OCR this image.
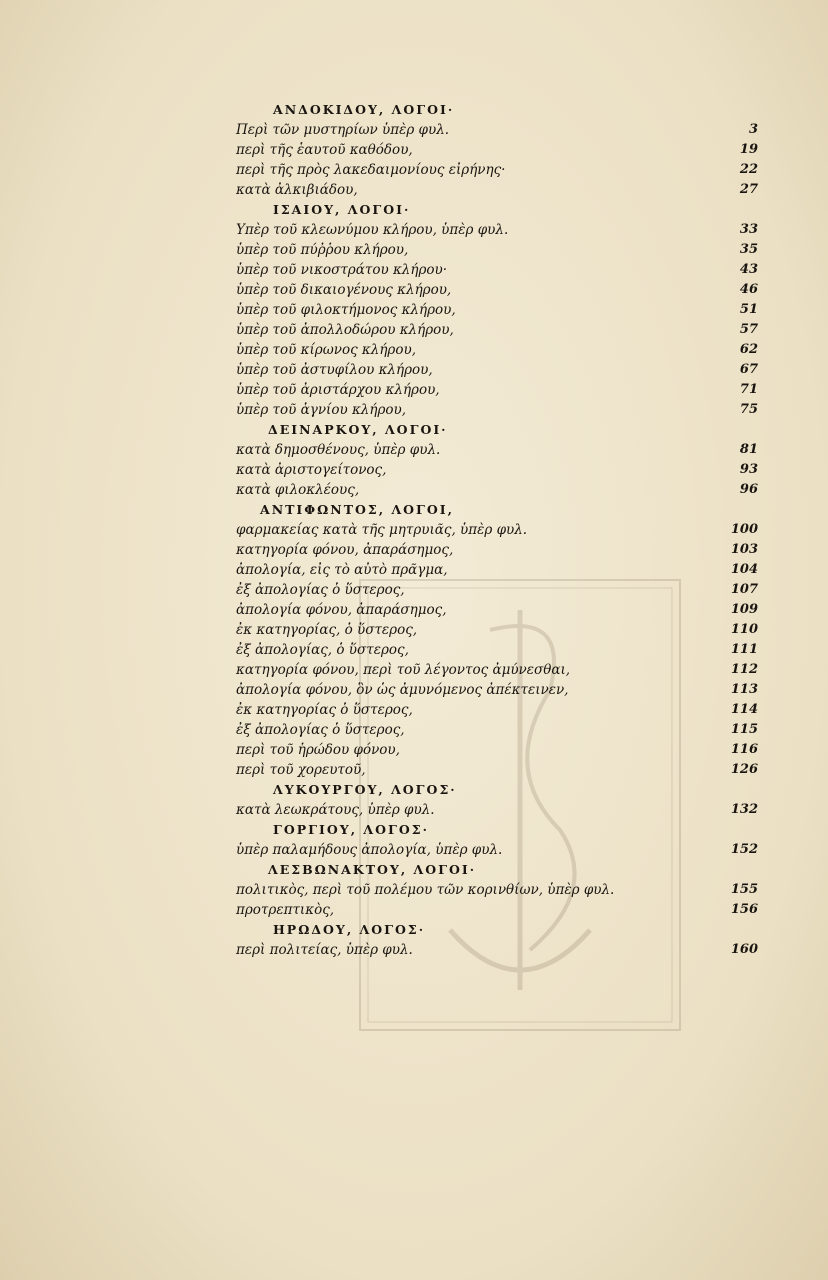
ΑΝΔΟΚΙΔΟΥ, ΛΟΓΟΙ·
Περὶ τῶν μυστηρίων ὑπὲρ φυλ.	3
περὶ τῆς ἑαυτοῦ καθόδου,	19
περὶ τῆς πρὸς λακεδαιμονίους εἰρήνης·	22
κατὰ ἀλκιβιάδου,	27
ΙΣΑΙΟΥ, ΛΟΓΟΙ·
Υπὲρ τοῦ κλεωνύμου κλήρου, ὑπὲρ φυλ.	33
ὑπὲρ τοῦ πύῤῥου κλήρου,	35
ὑπὲρ τοῦ νικοστράτου κλήρου·	43
ὑπὲρ τοῦ δικαιογένους κλήρου,	46
ὑπὲρ τοῦ φιλοκτήμονος κλήρου,	51
ὑπὲρ τοῦ ἀπολλοδώρου κλήρου,	57
ὑπὲρ τοῦ κίρωνος κλήρου,	62
ὑπὲρ τοῦ ἀστυφίλου κλήρου,	67
ὑπὲρ τοῦ ἀριστάρχου κλήρου,	71
ὑπὲρ τοῦ ἁγνίου κλήρου,	75
ΔΕΙΝΑΡΚΟΥ, ΛΟΓΟΙ·
κατὰ δημοσθένους, ὑπὲρ φυλ.	81
κατὰ ἀριστογείτονος,	93
κατὰ φιλοκλέους,	96
ΑΝΤΙΦΩΝΤΟΣ, ΛΟΓΟΙ,
φαρμακείας κατὰ τῆς μητρυιᾶς, ὑπὲρ φυλ.	100
κατηγορία φόνου, ἀπαράσημος,	103
ἀπολογία, εἰς τὸ αὐτὸ πρᾶγμα,	104
ἐξ ἀπολογίας ὁ ὕστερος,	107
ἀπολογία φόνου, ἀπαράσημος,	109
ἐκ κατηγορίας, ὁ ὕστερος,	110
ἐξ ἀπολογίας, ὁ ὕστερος,	111
κατηγορία φόνου, περὶ τοῦ λέγοντος ἀμύνεσθαι,	112
ἀπολογία φόνου, ὃν ὡς ἀμυνόμενος ἀπέκτεινεν,	113
ἐκ κατηγορίας ὁ ὕστερος,	114
ἐξ ἀπολογίας ὁ ὕστερος,	115
περὶ τοῦ ἡρώδου φόνου,	116
περὶ τοῦ χορευτοῦ,	126
ΛΥΚΟΥΡΓΟΥ, ΛΟΓΟΣ·
κατὰ λεωκράτους, ὑπὲρ φυλ.	132
ΓΟΡΓΙΟΥ, ΛΟΓΟΣ·
ὑπὲρ παλαμήδους ἀπολογία, ὑπὲρ φυλ.	152
ΛΕΣΒΩΝΑΚΤΟΥ, ΛΟΓΟΙ·
πολιτικὸς, περὶ τοῦ πολέμου τῶν κορινθίων, ὑπὲρ φυλ.	155
προτρεπτικὸς,	156
ΗΡΩΔΟΥ, ΛΟΓΟΣ·
περὶ πολιτείας, ὑπὲρ φυλ.	160
